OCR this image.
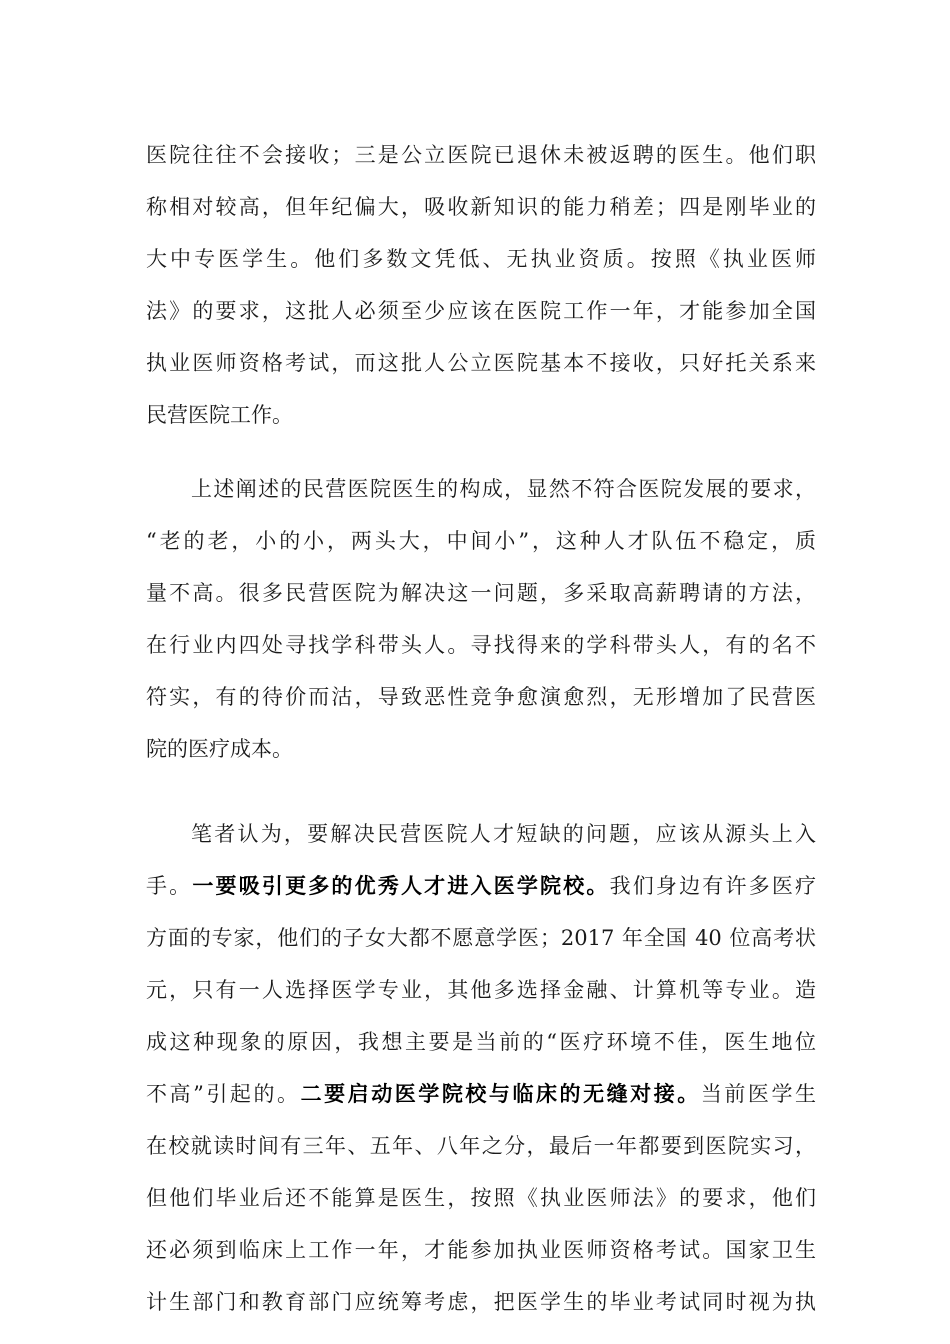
医院往往不会接收；三是公立医院已退休未被返聘的医生。他们职
称相对较高，但年纪偏大，吸收新知识的能力稍差；四是刚毕业的
大中专医学生。他们多数文凭低、无执业资质。按照《执业医师
法》的要求，这批人必须至少应该在医院工作一年，才能参加全国
执业医师资格考试，而这批人公立医院基本不接收，只好托关系来
民营医院工作。
上述阐述的民营医院医生的构成，显然不符合医院发展的要求，
“老的老，小的小，两头大，中间小”，这种人才队伍不稳定，质
量不高。很多民营医院为解决这一问题，多采取高薪聘请的方法，
在行业内四处寻找学科带头人。寻找得来的学科带头人，有的名不
符实，有的待价而沽，导致恶性竞争愈演愈烈，无形增加了民营医
院的医疗成本。
笔者认为，要解决民营医院人才短缺的问题，应该从源头上入
手。一要吸引更多的优秀人才进入医学院校。我们身边有许多医疗
方面的专家，他们的子女大都不愿意学医；2017 年全国 40 位高考状
元，只有一人选择医学专业，其他多选择金融、计算机等专业。造
成这种现象的原因，我想主要是当前的“医疗环境不佳，医生地位
不高”引起的。二要启动医学院校与临床的无缝对接。当前医学生
在校就读时间有三年、五年、八年之分，最后一年都要到医院实习，
但他们毕业后还不能算是医生，按照《执业医师法》的要求，他们
还必须到临床上工作一年，才能参加执业医师资格考试。国家卫生
计生部门和教育部门应统筹考虑，把医学生的毕业考试同时视为执
